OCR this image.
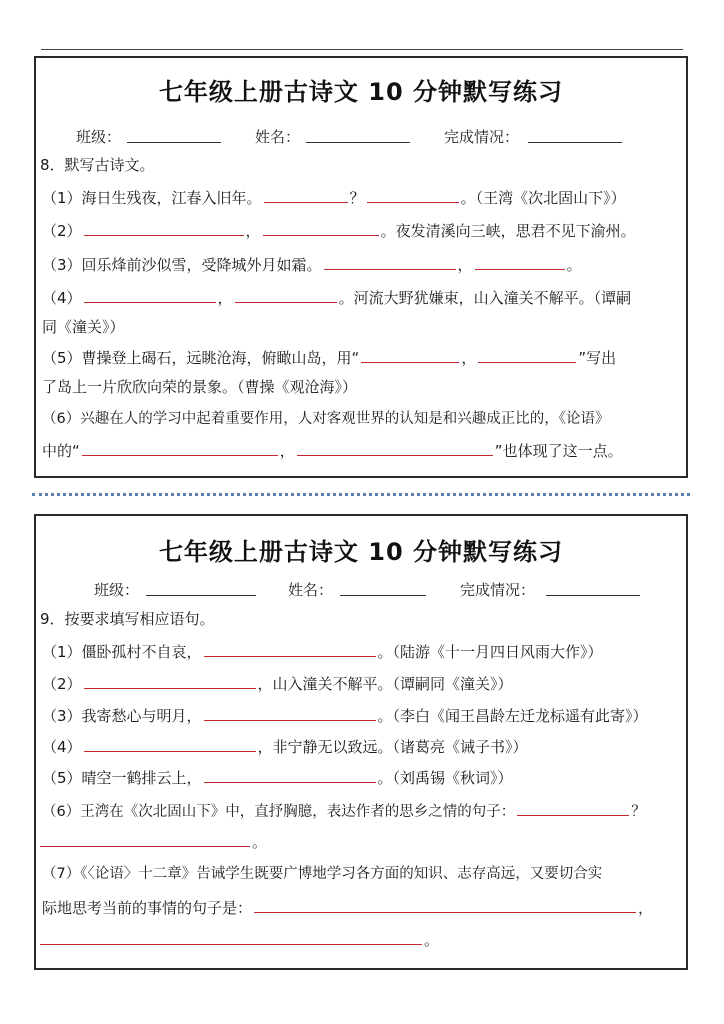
七年级上册古诗文 10 分钟默写练习
班级：	姓名：	完成情况：
8．默写古诗文。
（1）海日生残夜，江春入旧年。	？	。（王湾《次北固山下》）
（2）	，	。夜发清溪向三峡，思君不见下渝州。
（3）回乐烽前沙似雪，受降城外月如霜。	，	。
（4）	，	。河流大野犹嫌束，山入潼关不解平。（谭嗣
同《潼关》）
（5）曹操登上碣石，远眺沧海，俯瞰山岛，用“	，	”写出
了岛上一片欣欣向荣的景象。（曹操《观沧海》）
（6）兴趣在人的学习中起着重要作用，人对客观世界的认知是和兴趣成正比的，《论语》
中的“	，	”也体现了这一点。
七年级上册古诗文 10 分钟默写练习
班级：	姓名：	完成情况：
9．按要求填写相应语句。
（1）僵卧孤村不自哀，	。（陆游《十一月四日风雨大作》）
（2）	，山入潼关不解平。（谭嗣同《潼关》）
（3）我寄愁心与明月，	。（李白《闻王昌龄左迁龙标遥有此寄》）
（4）	，非宁静无以致远。（诸葛亮《诫子书》）
（5）晴空一鹤排云上，	。（刘禹锡《秋词》）
（6）王湾在《次北固山下》中，直抒胸臆，表达作者的思乡之情的句子：	？
。
（7）《〈论语〉十二章》告诫学生既要广博地学习各方面的知识、志存高远，又要切合实
际地思考当前的事情的句子是：	，
。
